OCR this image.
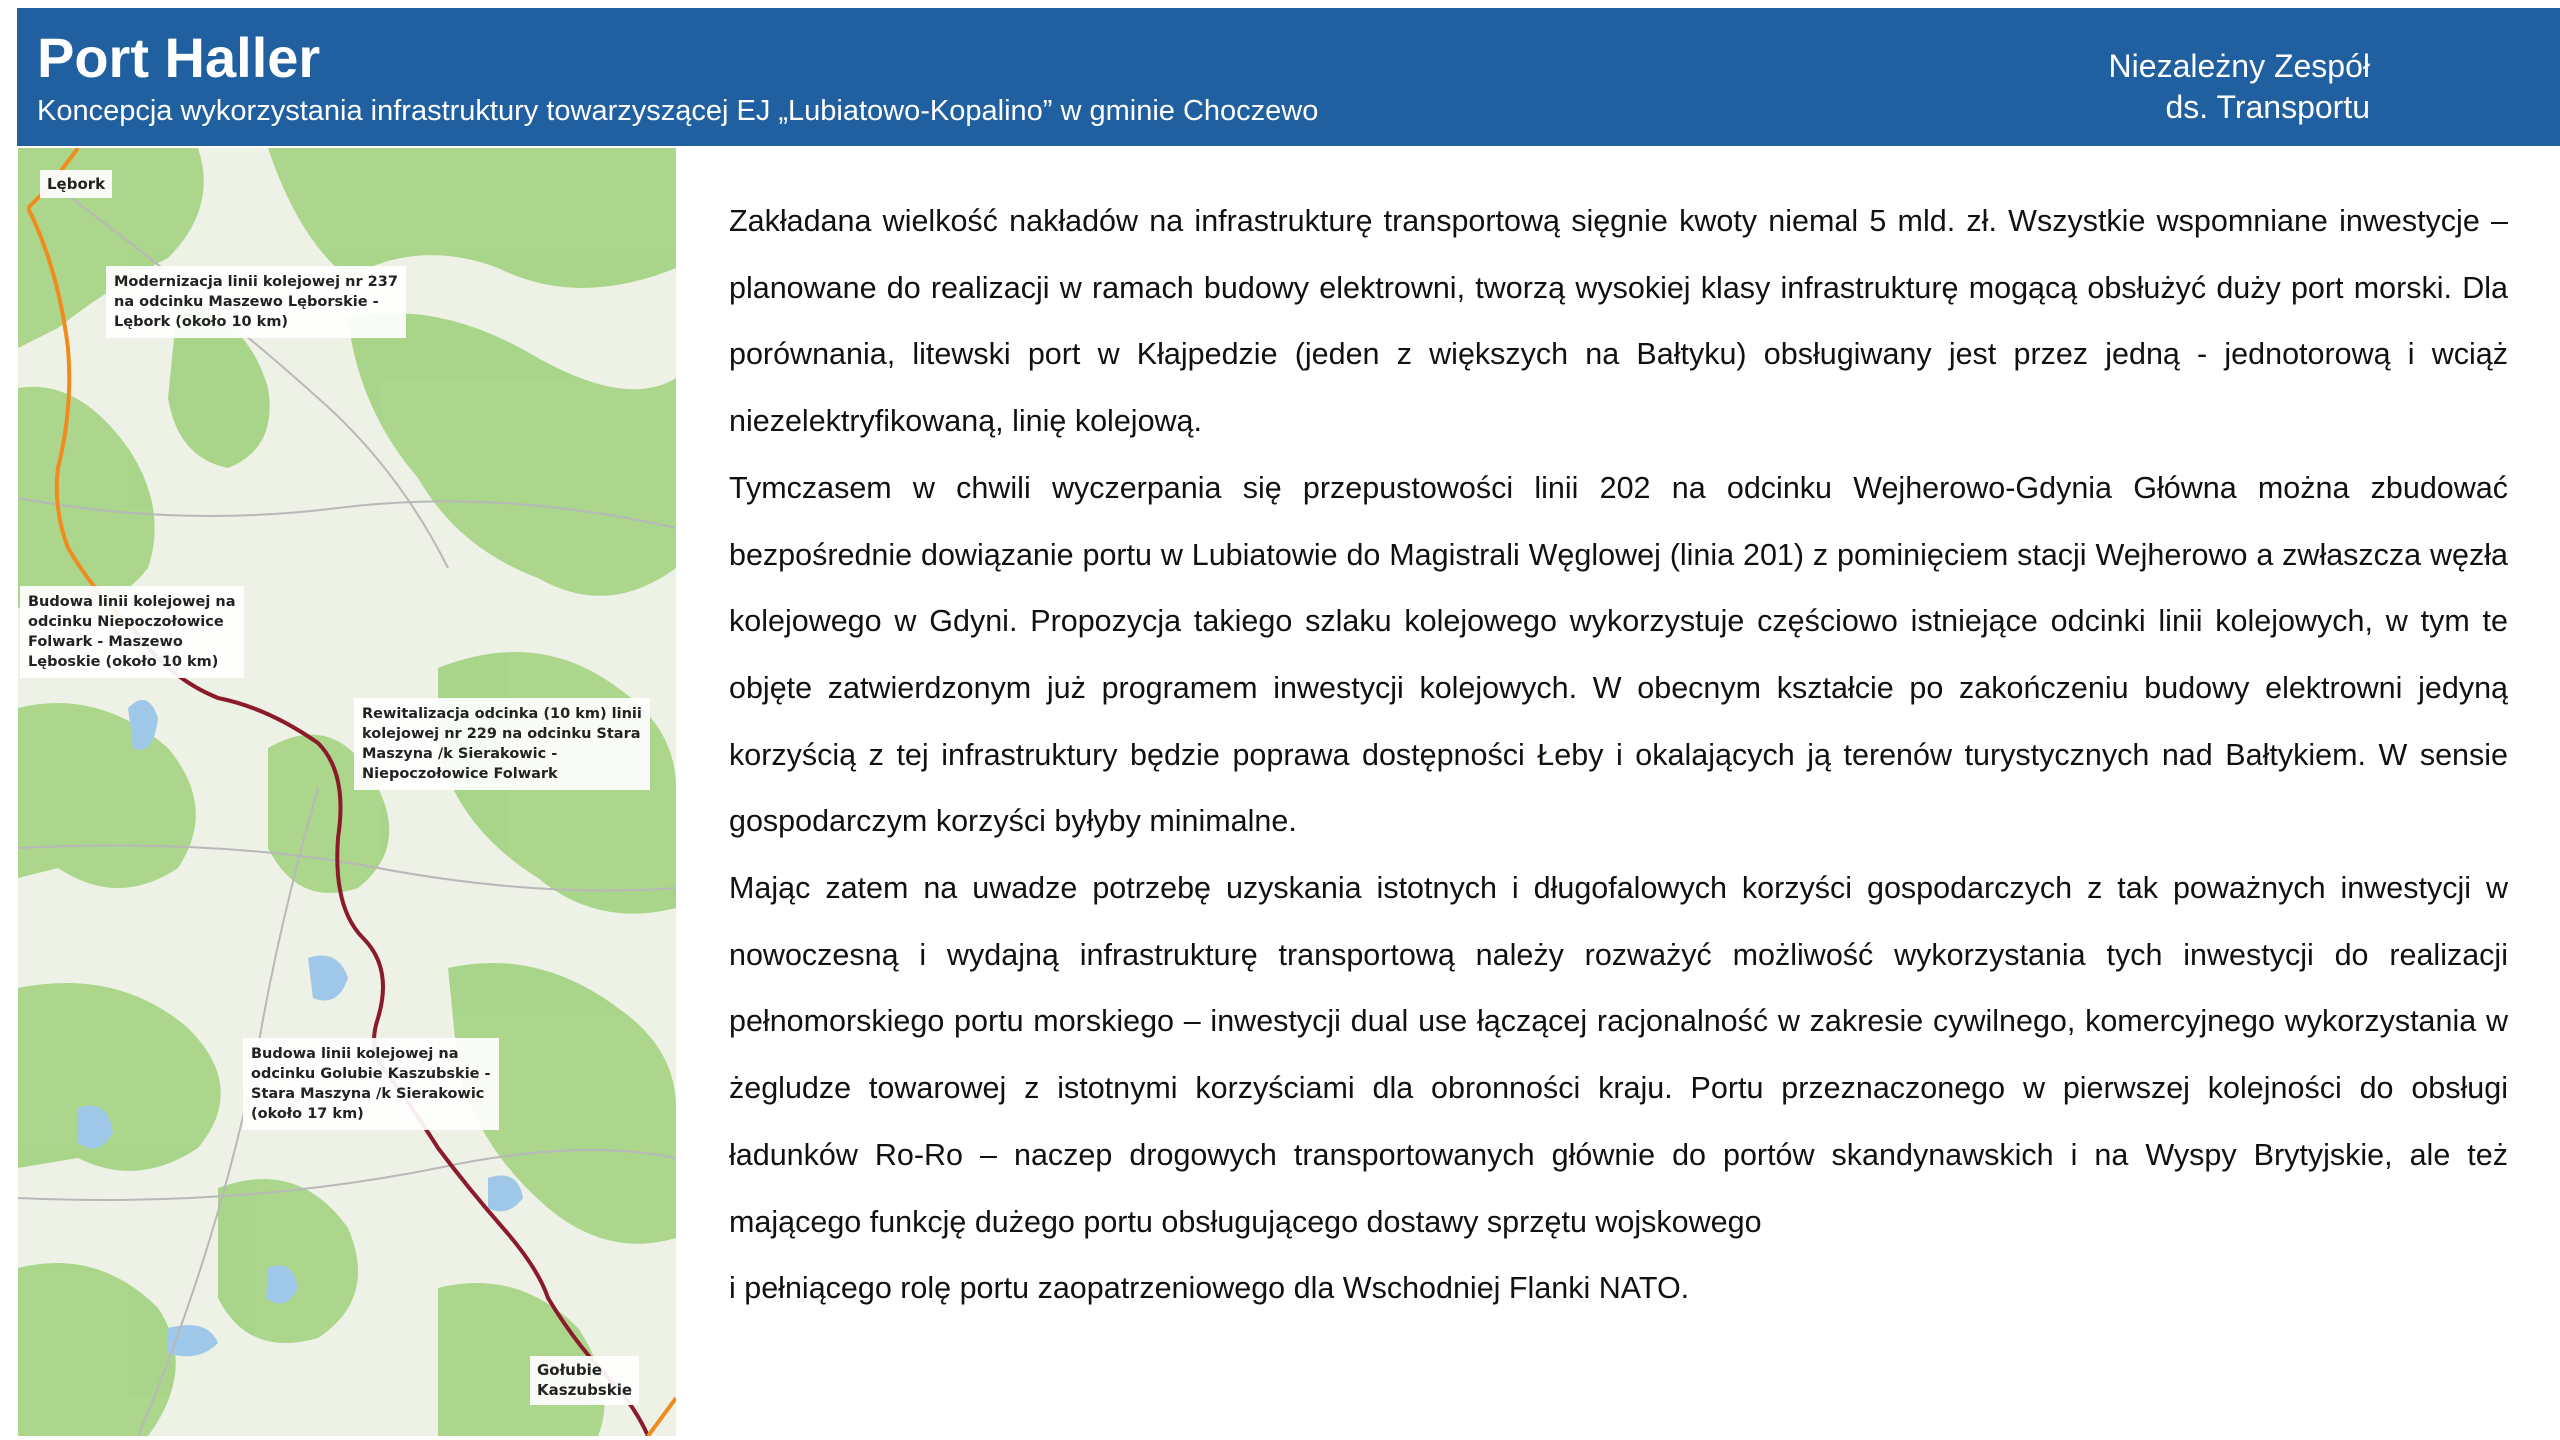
Port Haller
Koncepcja wykorzystania infrastruktury towarzyszącej EJ „Lubiatowo-Kopalino” w gminie Choczewo
Niezależny Zespół
ds. Transportu
Lębork
Modernizacja linii kolejowej nr 237
na odcinku Maszewo Lęborskie -
Lębork (około 10 km)
Budowa linii kolejowej na
odcinku Niepoczołowice
Folwark - Maszewo
Lęboskie (około 10 km)
Rewitalizacja odcinka (10 km) linii
kolejowej nr 229 na odcinku Stara
Maszyna /k Sierakowic -
Niepoczołowice Folwark
Budowa linii kolejowej na
odcinku Golubie Kaszubskie -
Stara Maszyna /k Sierakowic
(około 17 km)
Gołubie
Kaszubskie

Zakładana wielkość nakładów na infrastrukturę transportową sięgnie kwoty niemal 5 mld. zł. Wszystkie wspomniane inwestycje – planowane do realizacji w ramach budowy elektrowni, tworzą wysokiej klasy infrastrukturę mogącą obsłużyć duży port morski. Dla porównania, litewski port w Kłajpedzie (jeden z większych na Bałtyku) obsługiwany jest przez jedną - jednotorową i wciąż niezelektryfikowaną, linię kolejową.

Tymczasem w chwili wyczerpania się przepustowości linii 202 na odcinku Wejherowo-Gdynia Główna można zbudować bezpośrednie dowiązanie portu w Lubiatowie do Magistrali Węglowej (linia 201) z pominięciem stacji Wejherowo a zwłaszcza węzła kolejowego w Gdyni. Propozycja takiego szlaku kolejowego wykorzystuje częściowo istniejące odcinki linii kolejowych, w tym te objęte zatwierdzonym już programem inwestycji kolejowych. W obecnym kształcie po zakończeniu budowy elektrowni jedyną korzyścią z tej infrastruktury będzie poprawa dostępności Łeby i okalających ją terenów turystycznych nad Bałtykiem. W sensie gospodarczym korzyści byłyby minimalne.

Mając zatem na uwadze potrzebę uzyskania istotnych i długofalowych korzyści gospodarczych z tak poważnych inwestycji w nowoczesną i wydajną infrastrukturę transportową należy rozważyć możliwość wykorzystania tych inwestycji do realizacji pełnomorskiego portu morskiego – inwestycji dual use łączącej racjonalność w zakresie cywilnego, komercyjnego wykorzystania w żegludze towarowej z istotnymi korzyściami dla obronności kraju. Portu przeznaczonego w pierwszej kolejności do obsługi ładunków Ro-Ro – naczep drogowych transportowanych głównie do portów skandynawskich i na Wyspy Brytyjskie, ale też mającego funkcję dużego portu obsługującego dostawy sprzętu wojskowego

i pełniącego rolę portu zaopatrzeniowego dla Wschodniej Flanki NATO.
